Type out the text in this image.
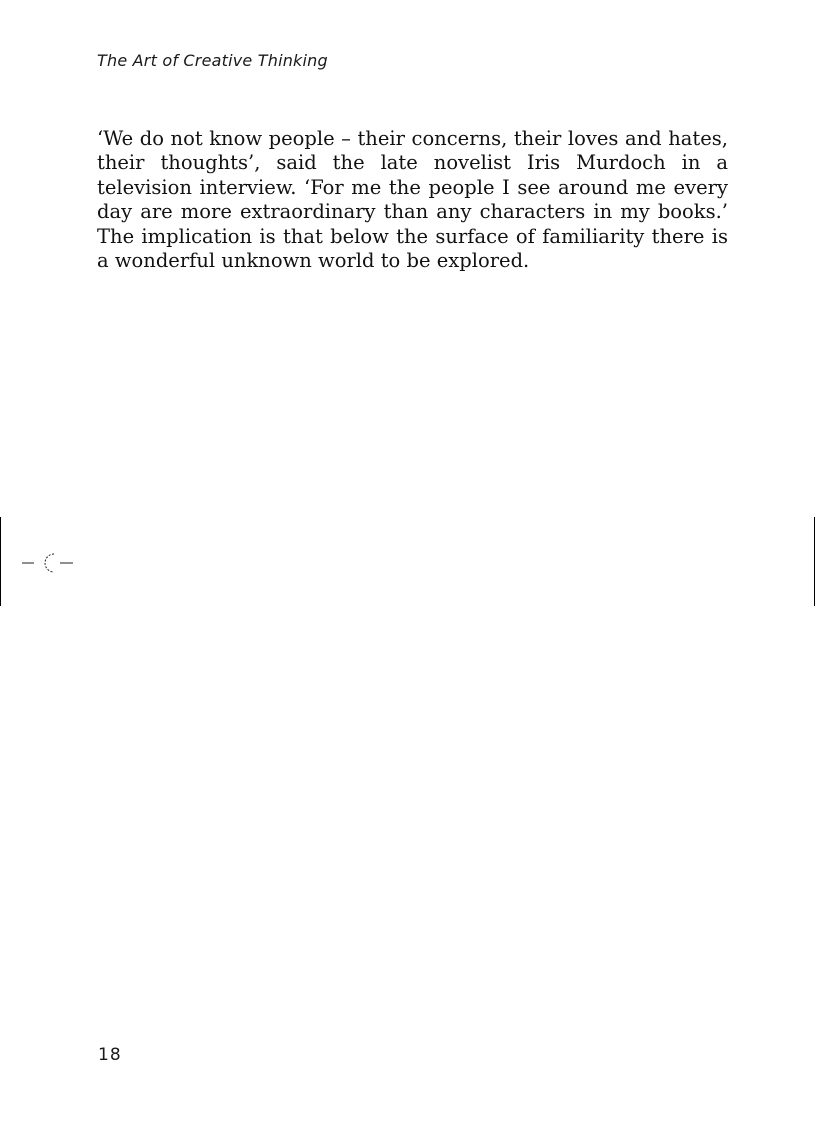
The Art of Creative Thinking

‘We do not know people – their concerns, their loves and hates, their thoughts’, said the late novelist Iris Murdoch in a television interview. ‘For me the people I see around me every day are more extraordinary than any characters in my books.’ The implication is that below the surface of familiarity there is a wonderful unknown world to be explored.

18
